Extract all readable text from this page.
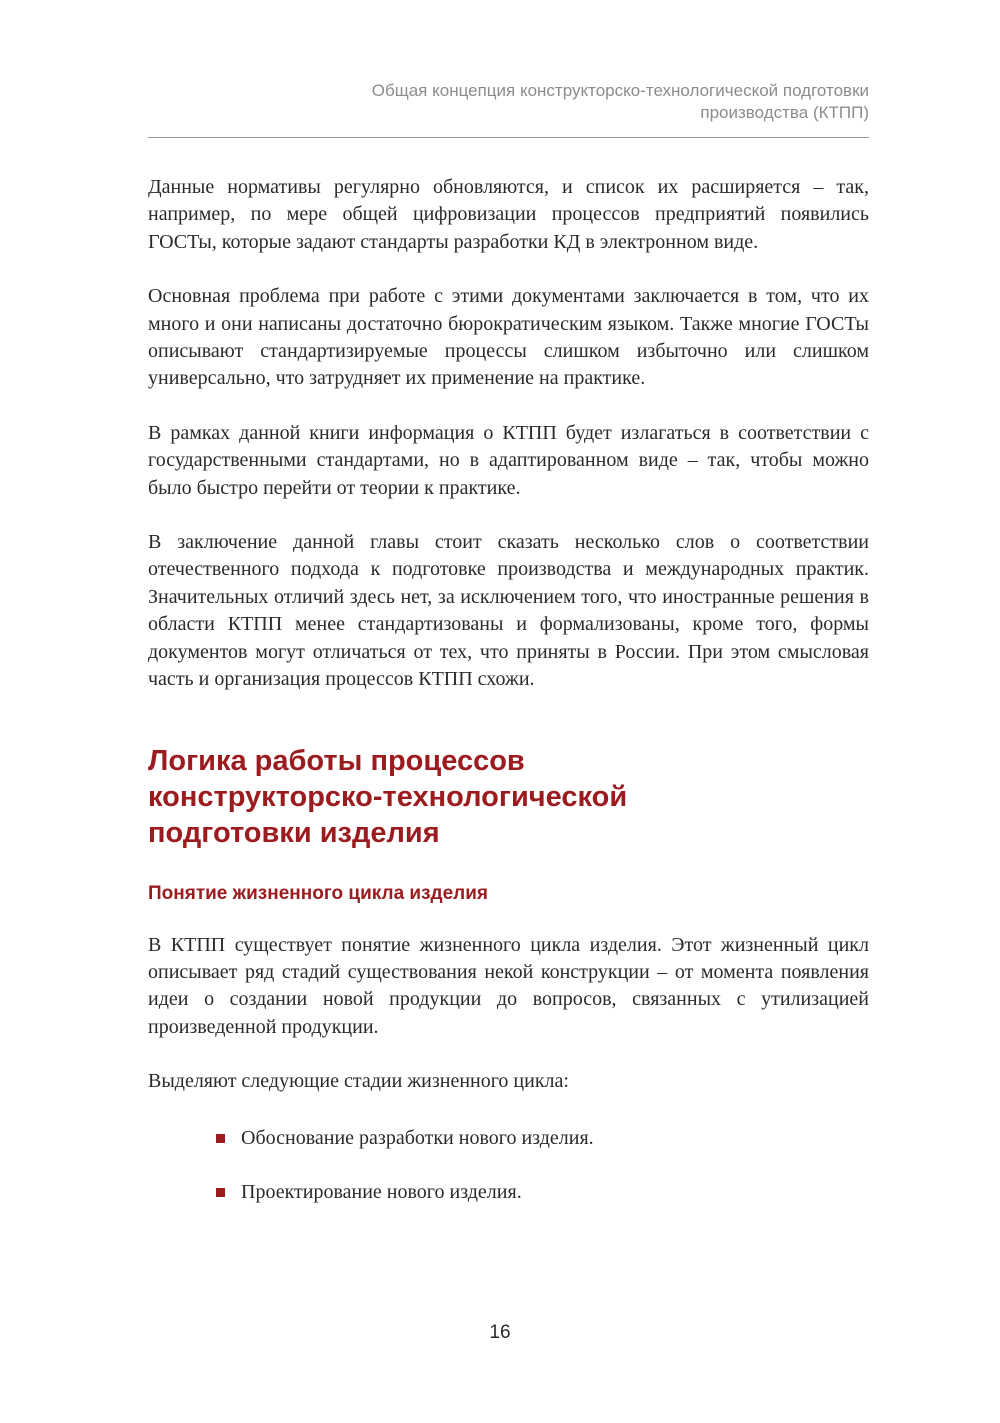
Общая концепция конструкторско-технологической подготовки
производства (КТПП)

Данные нормативы регулярно обновляются, и список их расширяется – так, например, по мере общей цифровизации процессов предприятий появились ГОСТы, которые задают стандарты разработки КД в электронном виде.

Основная проблема при работе с этими документами заключается в том, что их много и они написаны достаточно бюрократическим языком. Также многие ГОСТы описывают стандартизируемые процессы слишком избыточно или слишком универсально, что затрудняет их применение на практике.

В рамках данной книги информация о КТПП будет излагаться в соответствии с государственными стандартами, но в адаптированном виде – так, чтобы можно было быстро перейти от теории к практике.

В заключение данной главы стоит сказать несколько слов о соответствии отечественного подхода к подготовке производства и международных практик. Значительных отличий здесь нет, за исключением того, что иностранные решения в области КТПП менее стандартизованы и формализованы, кроме того, формы документов могут отличаться от тех, что приняты в России. При этом смысловая часть и организация процессов КТПП схожи.

Логика работы процессов конструкторско-технологической подготовки изделия
Понятие жизненного цикла изделия

В КТПП существует понятие жизненного цикла изделия. Этот жизненный цикл описывает ряд стадий существования некой конструкции – от момента появления идеи о создании новой продукции до вопросов, связанных с утилизацией произведенной продукции.

Выделяют следующие стадии жизненного цикла:

Обоснование разработки нового изделия.
Проектирование нового изделия.
16
